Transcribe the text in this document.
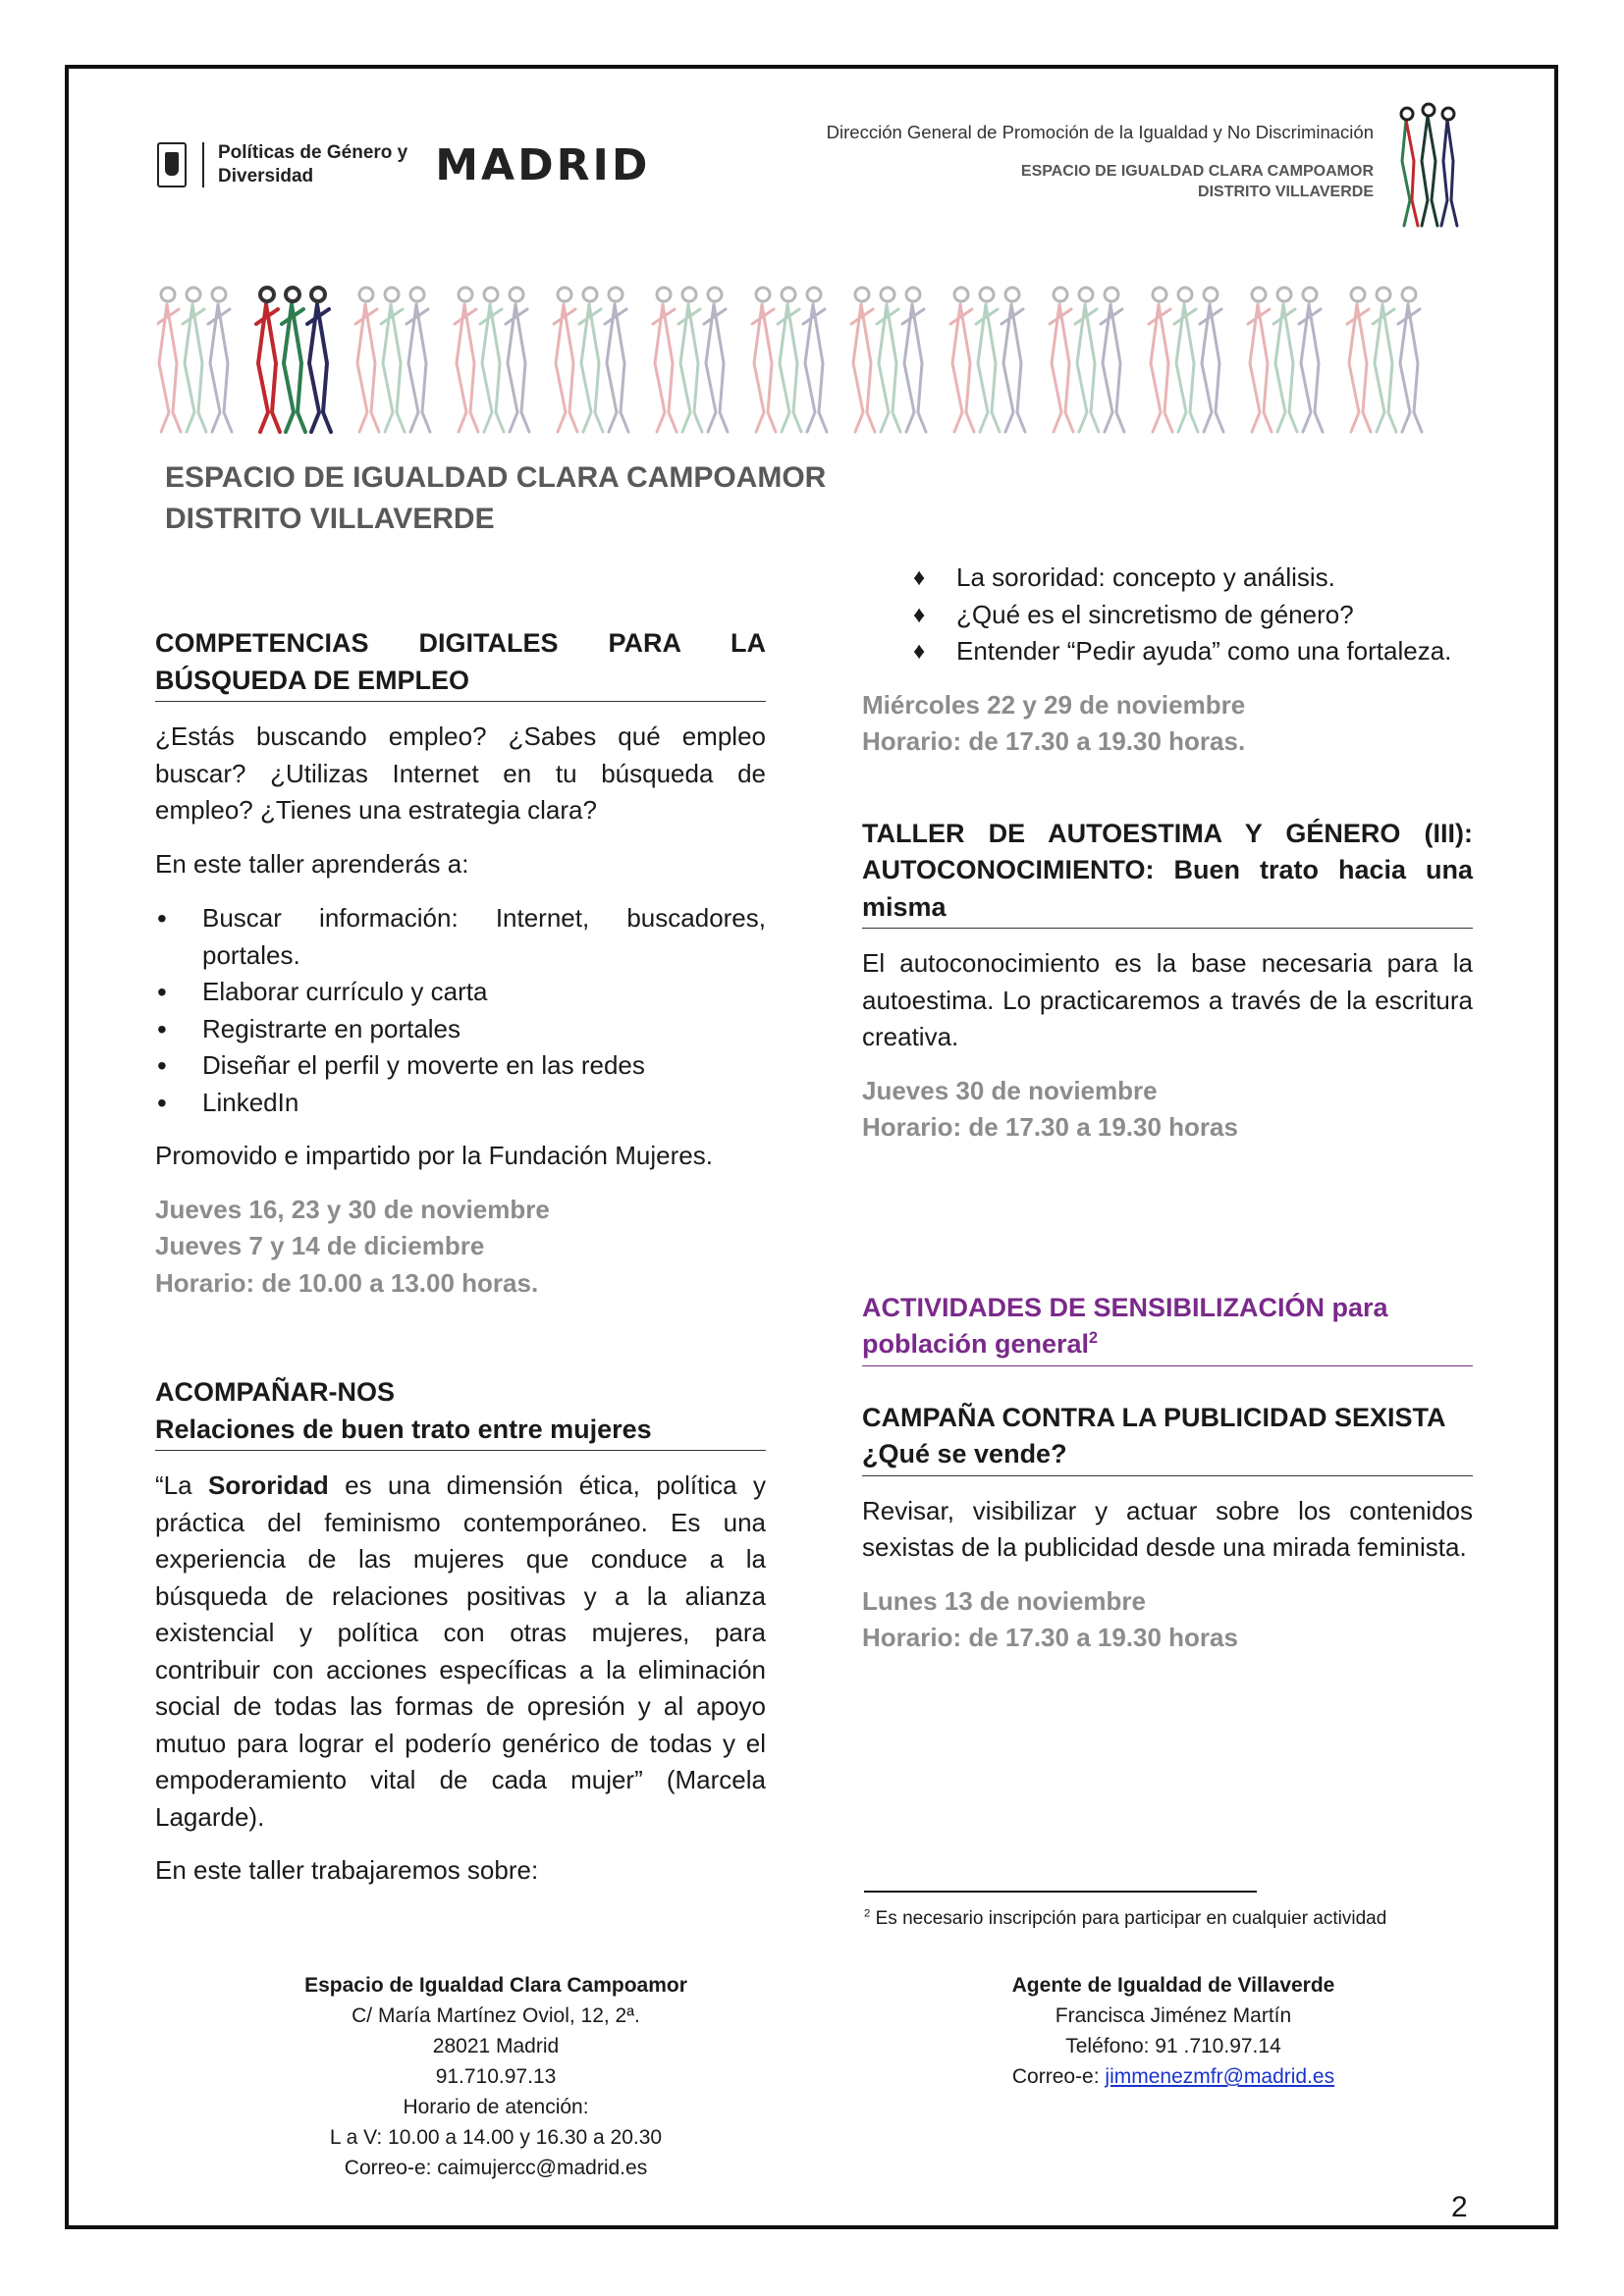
Políticas de Género y
Diversidad	MADRID
Dirección General de Promoción de la Igualdad y No Discriminación
ESPACIO DE IGUALDAD CLARA CAMPOAMOR
DISTRITO VILLAVERDE
ESPACIO DE IGUALDAD CLARA CAMPOAMOR
DISTRITO VILLAVERDE
COMPETENCIAS DIGITALES PARA LA
BÚSQUEDA DE EMPLEO

¿Estás buscando empleo? ¿Sabes qué empleo buscar? ¿Utilizas Internet en tu búsqueda de empleo? ¿Tienes una estrategia clara?

En este taller aprenderás a:

• Buscar información: Internet, buscadores, portales.
• Elaborar currículo y carta
• Registrarte en portales
• Diseñar el perfil y moverte en las redes
• LinkedIn

Promovido e impartido por la Fundación Mujeres.

Jueves 16, 23 y 30 de noviembre
Jueves 7 y 14 de diciembre
Horario: de 10.00 a 13.00 horas.
ACOMPAÑAR-NOS
Relaciones de buen trato entre mujeres

“La Sororidad es una dimensión ética, política y práctica del feminismo contemporáneo. Es una experiencia de las mujeres que conduce a la búsqueda de relaciones positivas y a la alianza existencial y política con otras mujeres, para contribuir con acciones específicas a la eliminación social de todas las formas de opresión y al apoyo mutuo para lograr el poderío genérico de todas y el empoderamiento vital de cada mujer” (Marcela Lagarde).

En este taller trabajaremos sobre:

♦ La sororidad: concepto y análisis.
♦ ¿Qué es el sincretismo de género?
♦ Entender “Pedir ayuda” como una fortaleza.
Miércoles 22 y 29 de noviembre
Horario: de 17.30 a 19.30 horas.
TALLER DE AUTOESTIMA Y GÉNERO (III): AUTOCONOCIMIENTO: Buen trato hacia una misma

El autoconocimiento es la base necesaria para la autoestima. Lo practicaremos a través de la escritura creativa.

Jueves 30 de noviembre
Horario: de 17.30 a 19.30 horas
ACTIVIDADES DE SENSIBILIZACIÓN para
población general$^2$
CAMPAÑA CONTRA LA PUBLICIDAD SEXISTA
¿Qué se vende?

Revisar, visibilizar y actuar sobre los contenidos sexistas de la publicidad desde una mirada feminista.

Lunes 13 de noviembre
Horario: de 17.30 a 19.30 horas
$^2$ Es necesario inscripción para participar en cualquier actividad
Espacio de Igualdad Clara Campoamor
C/ María Martínez Oviol, 12, 2ª.
28021 Madrid
91.710.97.13
Horario de atención:
L a V: 10.00 a 14.00 y 16.30 a 20.30
Correo-e: caimujercc@madrid.es
Agente de Igualdad de Villaverde
Francisca Jiménez Martín
Teléfono: 91 .710.97.14
Correo-e: jimmenezmfr@madrid.es
2
